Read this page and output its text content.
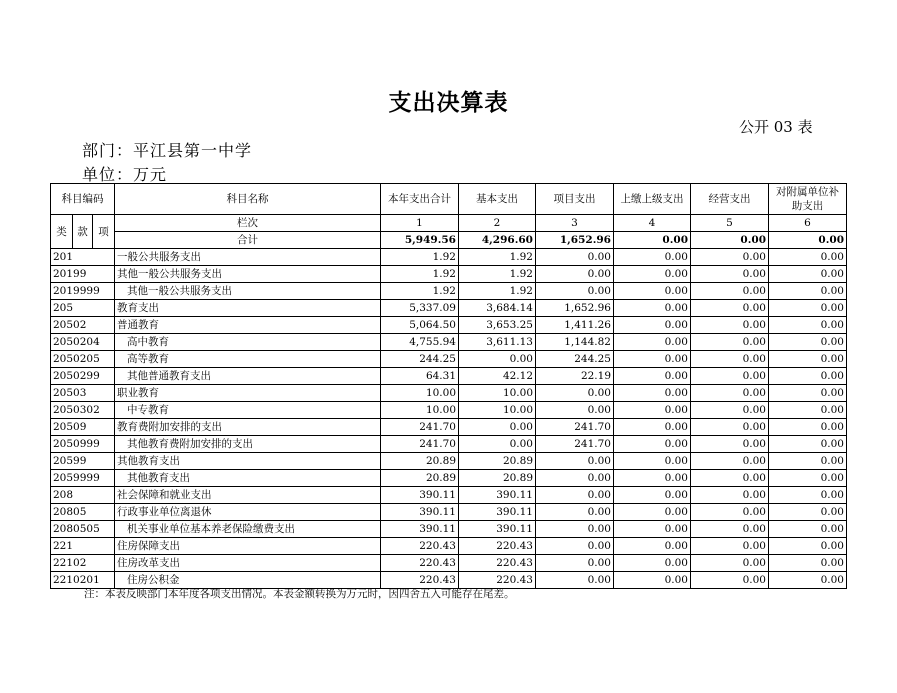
支出决算表
公开 03 表
部门：平江县第一中学
单位：万元
科目编码			科目名称	本年支出合计	基本支出	项目支出	上缴上级支出	经营支出	对附属单位补助支出
类	款	项	栏次	1	2	3	4	5	6
			合计	5,949.56	4,296.60	1,652.96	0.00	0.00	0.00
201			一般公共服务支出	1.92	1.92	0.00	0.00	0.00	0.00
20199			其他一般公共服务支出	1.92	1.92	0.00	0.00	0.00	0.00
2019999			其他一般公共服务支出	1.92	1.92	0.00	0.00	0.00	0.00
205			教育支出	5,337.09	3,684.14	1,652.96	0.00	0.00	0.00
20502			普通教育	5,064.50	3,653.25	1,411.26	0.00	0.00	0.00
2050204			高中教育	4,755.94	3,611.13	1,144.82	0.00	0.00	0.00
2050205			高等教育	244.25	0.00	244.25	0.00	0.00	0.00
2050299			其他普通教育支出	64.31	42.12	22.19	0.00	0.00	0.00
20503			职业教育	10.00	10.00	0.00	0.00	0.00	0.00
2050302			中专教育	10.00	10.00	0.00	0.00	0.00	0.00
20509			教育费附加安排的支出	241.70	0.00	241.70	0.00	0.00	0.00
2050999			其他教育费附加安排的支出	241.70	0.00	241.70	0.00	0.00	0.00
20599			其他教育支出	20.89	20.89	0.00	0.00	0.00	0.00
2059999			其他教育支出	20.89	20.89	0.00	0.00	0.00	0.00
208			社会保障和就业支出	390.11	390.11	0.00	0.00	0.00	0.00
20805			行政事业单位离退休	390.11	390.11	0.00	0.00	0.00	0.00
2080505			机关事业单位基本养老保险缴费支出	390.11	390.11	0.00	0.00	0.00	0.00
221			住房保障支出	220.43	220.43	0.00	0.00	0.00	0.00
22102			住房改革支出	220.43	220.43	0.00	0.00	0.00	0.00
2210201			住房公积金	220.43	220.43	0.00	0.00	0.00	0.00
注：本表反映部门本年度各项支出情况。本表金额转换为万元时，因四舍五入可能存在尾差。
